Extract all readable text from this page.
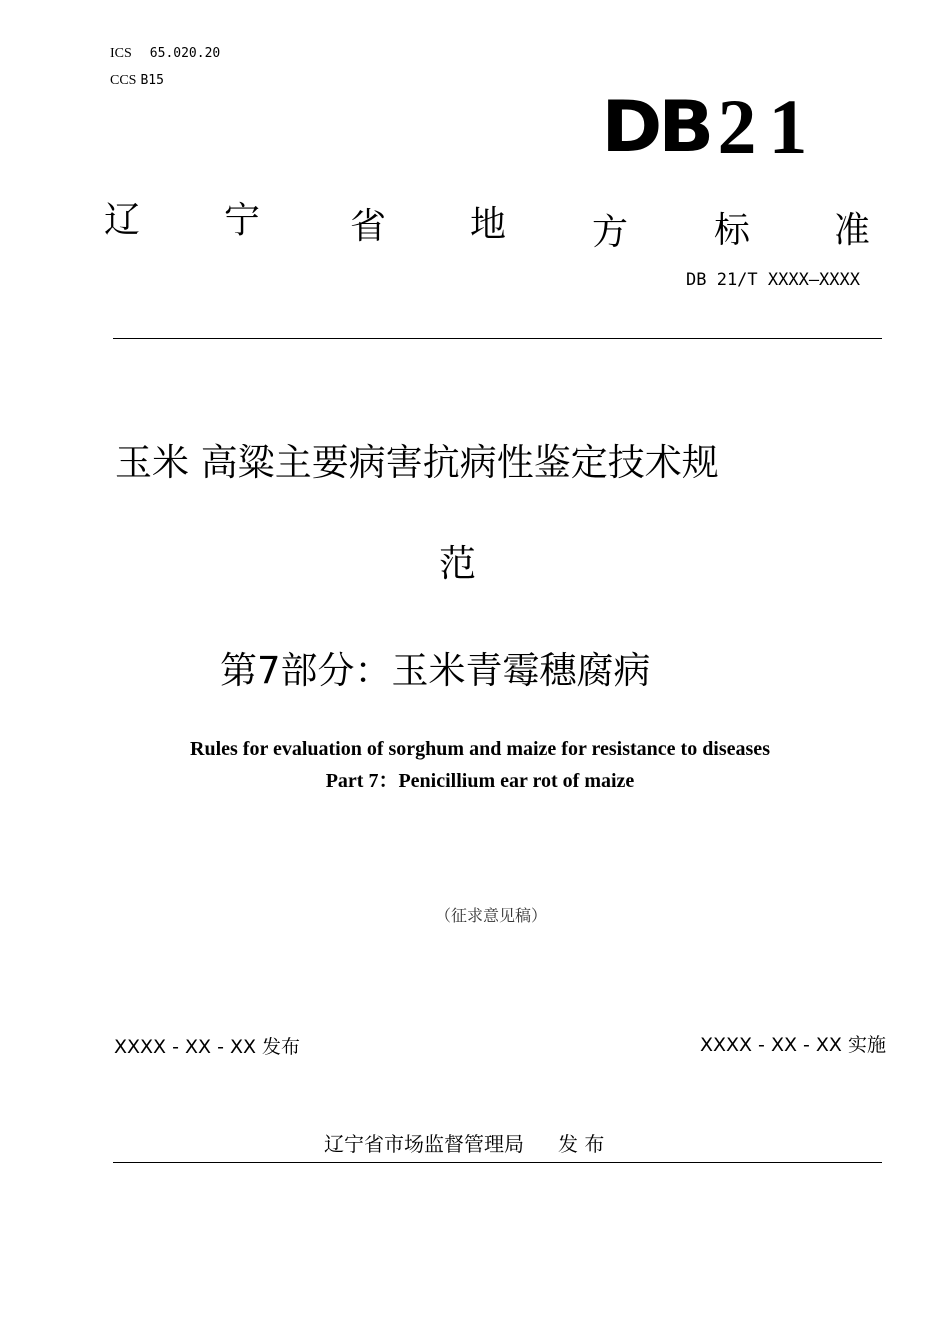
ICS 65.020.20
CCS B15
DB 21
辽 宁 省 地 方 标 准
DB 21/T XXXX—XXXX
玉米 高粱主要病害抗病性鉴定技术规
范
第7部分：玉米青霉穗腐病
Rules for evaluation of sorghum and maize for resistance to diseases
Part 7：Penicillium ear rot of maize
（征求意见稿）
XXXX - XX - XX 发布	XXXX - XX - XX 实施
辽宁省市场监督管理局 发 布
